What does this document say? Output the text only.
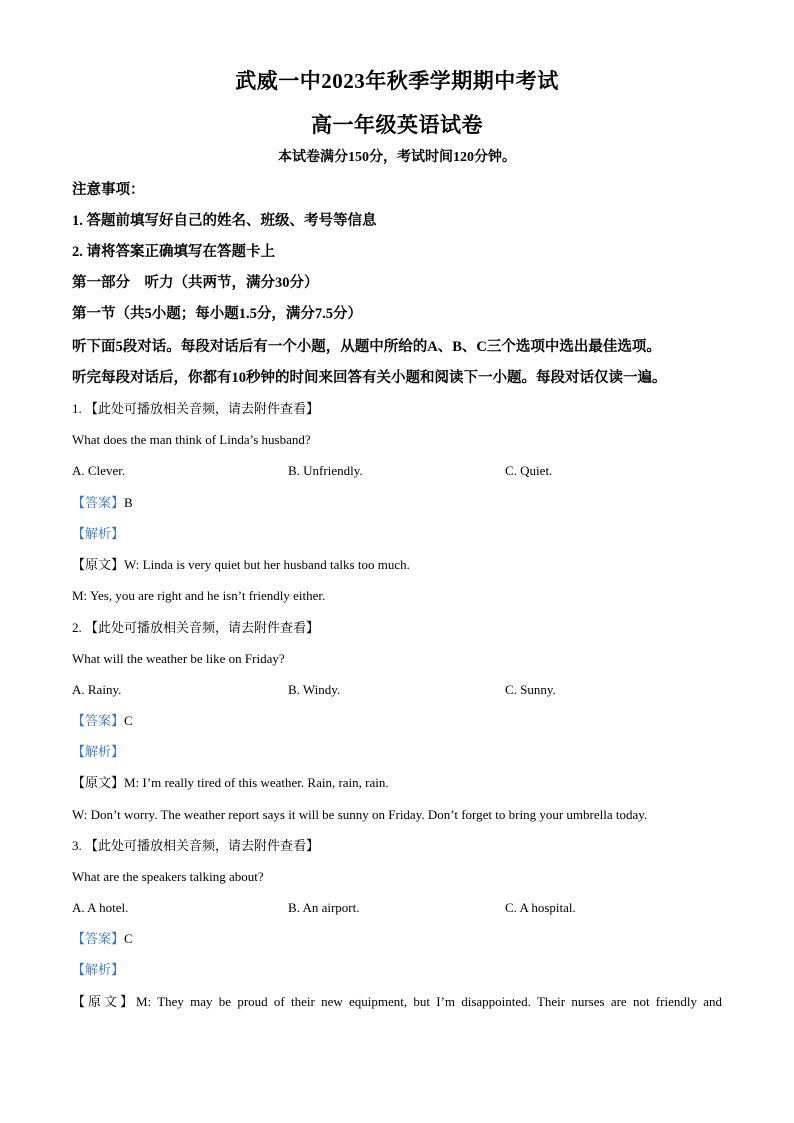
武威一中2023年秋季学期期中考试
高一年级英语试卷
本试卷满分150分，考试时间120分钟。
注意事项：
1. 答题前填写好自己的姓名、班级、考号等信息
2. 请将答案正确填写在答题卡上
第一部分　听力（共两节，满分30分）
第一节（共5小题；每小题1.5分，满分7.5分）
听下面5段对话。每段对话后有一个小题，从题中所给的A、B、C三个选项中选出最佳选项。
听完每段对话后，你都有10秒钟的时间来回答有关小题和阅读下一小题。每段对话仅读一遍。
1. 【此处可播放相关音频，请去附件查看】
What does the man think of Linda’s husband?
A. Clever.	B. Unfriendly.	C. Quiet.
【答案】B
【解析】
【原文】W: Linda is very quiet but her husband talks too much.
M: Yes, you are right and he isn’t friendly either.
2. 【此处可播放相关音频，请去附件查看】
What will the weather be like on Friday?
A. Rainy.	B. Windy.	C. Sunny.
【答案】C
【解析】
【原文】M: I’m really tired of this weather. Rain, rain, rain.
W: Don’t worry. The weather report says it will be sunny on Friday. Don’t forget to bring your umbrella today.
3. 【此处可播放相关音频，请去附件查看】
What are the speakers talking about?
A. A hotel.	B. An airport.	C. A hospital.
【答案】C
【解析】
【原文】M: They may be proud of their new equipment, but I’m disappointed. Their nurses are not friendly and
